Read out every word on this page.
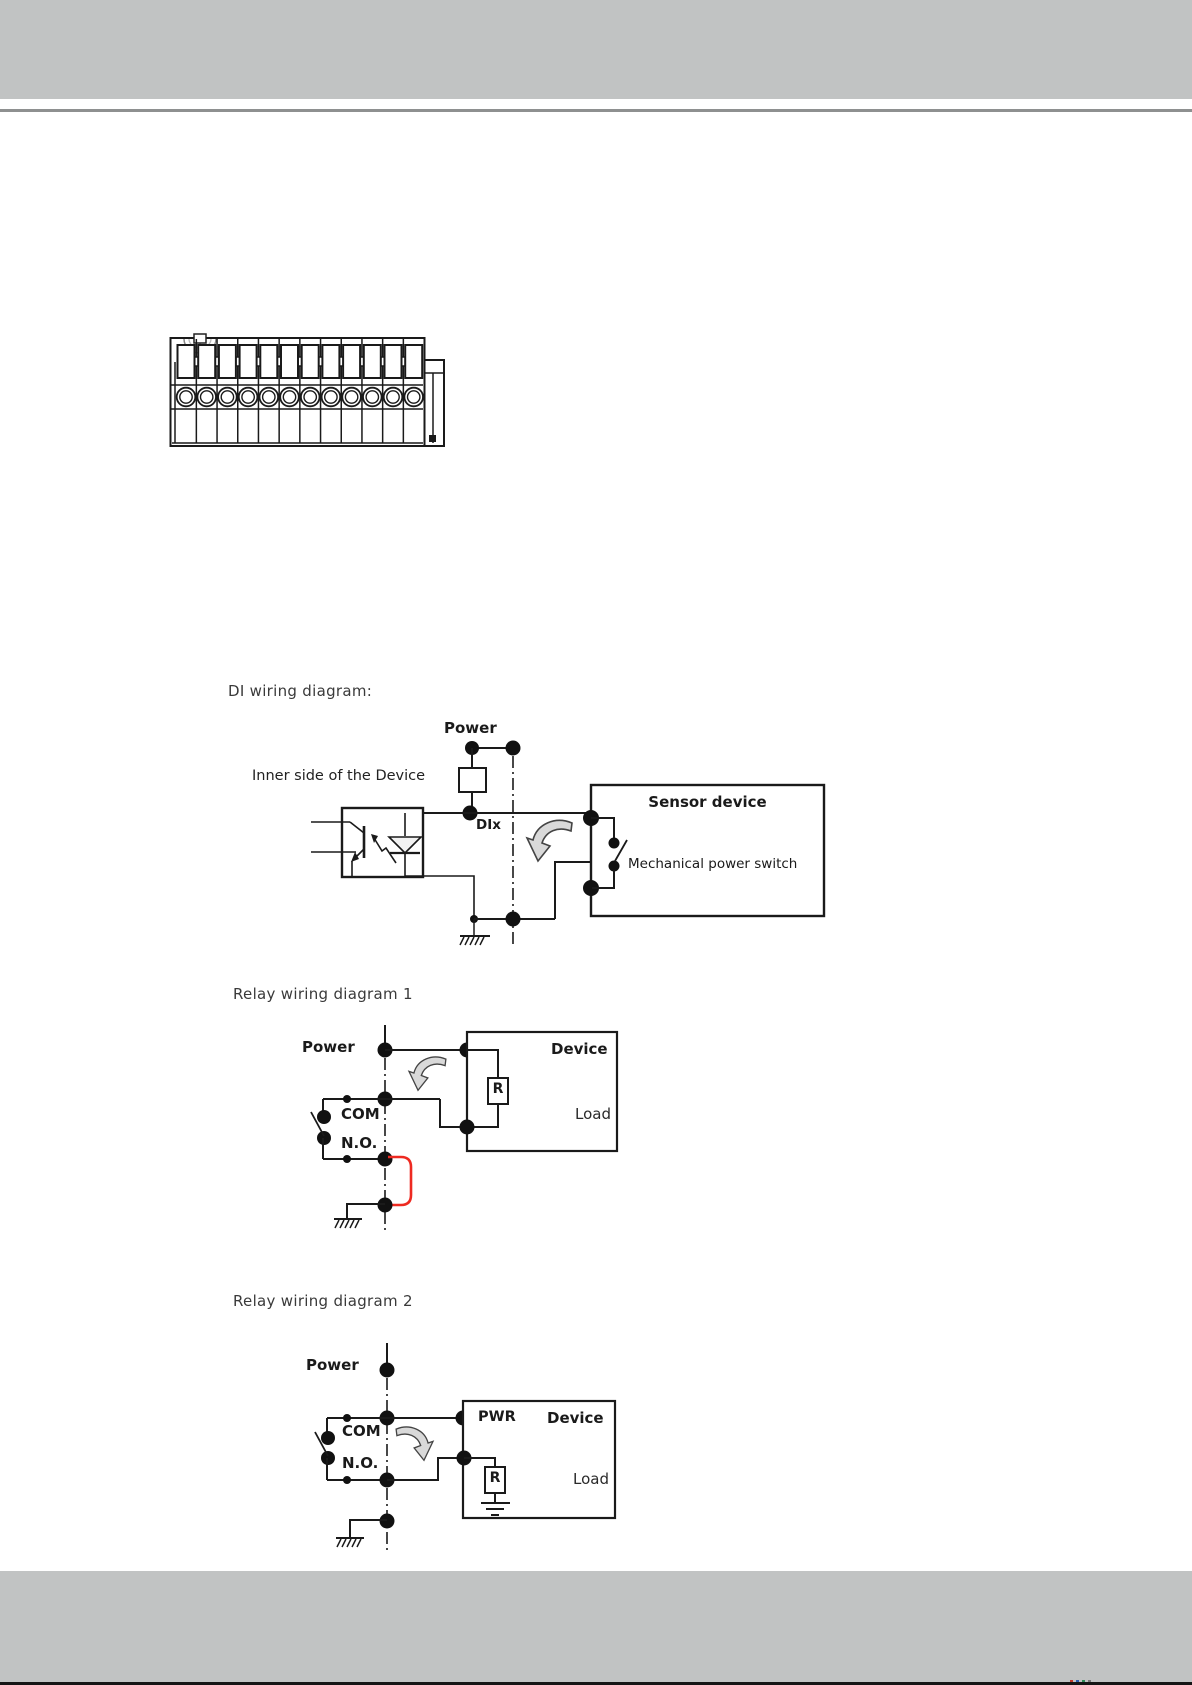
DI wiring diagram:
Power
Inner side of the Device
DIx
Sensor device
Mechanical power switch
Relay wiring diagram 1
Power
COM
N.O.
Device
Load
R
Relay wiring diagram 2
Power
COM
N.O.
PWR Device
Load
R
